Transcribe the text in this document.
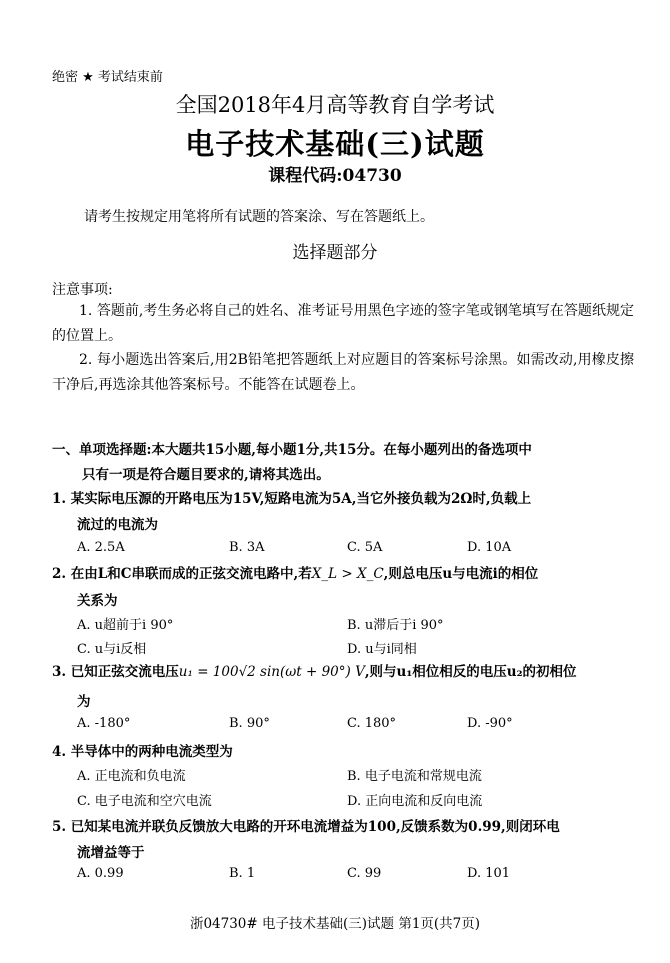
绝密 ★ 考试结束前
全国2018年4月高等教育自学考试
电子技术基础(三)试题
课程代码:04730
请考生按规定用笔将所有试题的答案涂、写在答题纸上。
选择题部分
注意事项:
1. 答题前,考生务必将自己的姓名、准考证号用黑色字迹的签字笔或钢笔填写在答题纸规定的位置上。
2. 每小题选出答案后,用2B铅笔把答题纸上对应题目的答案标号涂黑。如需改动,用橡皮擦干净后,再选涂其他答案标号。不能答在试题卷上。
一、单项选择题:本大题共15小题,每小题1分,共15分。在每小题列出的备选项中
只有一项是符合题目要求的,请将其选出。
1. 某实际电压源的开路电压为15V,短路电流为5A,当它外接负载为2Ω时,负载上
流过的电流为
A. 2.5A	B. 3A	C. 5A	D. 10A
2. 在由L和C串联而成的正弦交流电路中,若X_L > X_C,则总电压u与电流i的相位
关系为
A. u超前于i 90°	B. u滞后于i 90°
C. u与i反相	D. u与i同相
3. 已知正弦交流电压u₁ = 100√2 sin(ωt + 90°) V,则与u₁相位相反的电压u₂的初相位
为
A. -180°	B. 90°	C. 180°	D. -90°
4. 半导体中的两种电流类型为
A. 正电流和负电流	B. 电子电流和常规电流
C. 电子电流和空穴电流	D. 正向电流和反向电流
5. 已知某电流并联负反馈放大电路的开环电流增益为100,反馈系数为0.99,则闭环电
流增益等于
A. 0.99	B. 1	C. 99	D. 101
浙04730# 电子技术基础(三)试题 第1页(共7页)
